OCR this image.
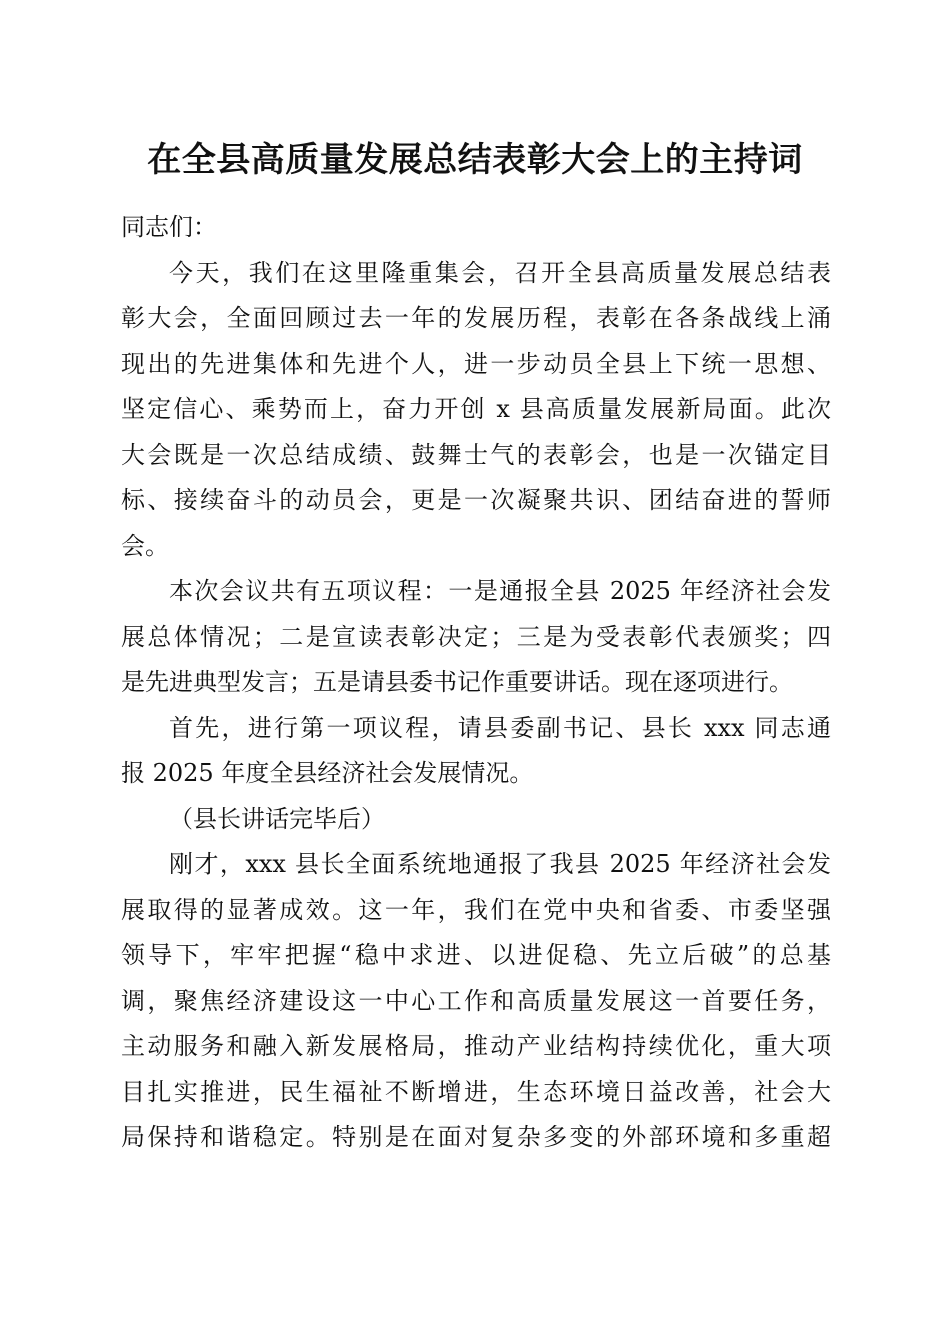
在全县高质量发展总结表彰大会上的主持词
同志们：
今天，我们在这里隆重集会，召开全县高质量发展总结表
彰大会，全面回顾过去一年的发展历程，表彰在各条战线上涌
现出的先进集体和先进个人，进一步动员全县上下统一思想、
坚定信心、乘势而上，奋力开创 x 县高质量发展新局面。此次
大会既是一次总结成绩、鼓舞士气的表彰会，也是一次锚定目
标、接续奋斗的动员会，更是一次凝聚共识、团结奋进的誓师
会。
本次会议共有五项议程：一是通报全县 2025 年经济社会发
展总体情况；二是宣读表彰决定；三是为受表彰代表颁奖；四
是先进典型发言；五是请县委书记作重要讲话。现在逐项进行。
首先，进行第一项议程，请县委副书记、县长 xxx 同志通
报 2025 年度全县经济社会发展情况。
（县长讲话完毕后）
刚才，xxx 县长全面系统地通报了我县 2025 年经济社会发
展取得的显著成效。这一年，我们在党中央和省委、市委坚强
领导下，牢牢把握“稳中求进、以进促稳、先立后破”的总基
调，聚焦经济建设这一中心工作和高质量发展这一首要任务，
主动服务和融入新发展格局，推动产业结构持续优化，重大项
目扎实推进，民生福祉不断增进，生态环境日益改善，社会大
局保持和谐稳定。特别是在面对复杂多变的外部环境和多重超
